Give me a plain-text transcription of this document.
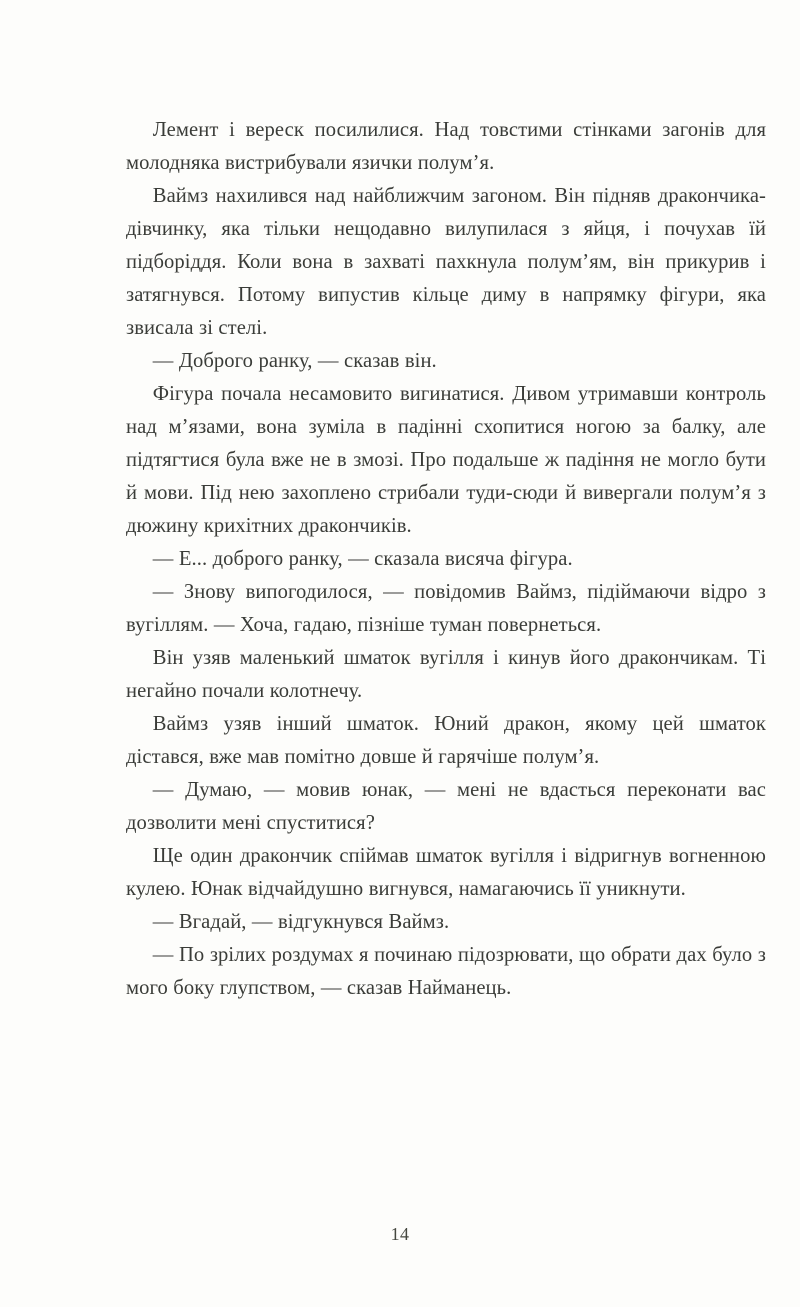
Лемент і вереск посилилися. Над товстими стінками загонів для молодняка вистрибували язички полум’я.

Ваймз нахилився над найближчим загоном. Він підняв дракончика-дівчинку, яка тільки нещодавно вилупилася з яйця, і почухав їй підборіддя. Коли вона в захваті пахкнула полум’ям, він прикурив і затягнувся. Потому випустив кільце диму в напрямку фігури, яка звисала зі стелі.

— Доброго ранку, — сказав він.

Фігура почала несамовито вигинатися. Дивом утримавши контроль над м’язами, вона зуміла в падінні схопитися ногою за балку, але підтягтися була вже не в змозі. Про подальше ж падіння не могло бути й мови. Під нею захоплено стрибали туди-сюди й вивергали полум’я з дюжину крихітних дракончиків.

— Е... доброго ранку, — сказала висяча фігура.

— Знову випогодилося, — повідомив Ваймз, підіймаючи відро з вугіллям. — Хоча, гадаю, пізніше туман повернеться.

Він узяв маленький шматок вугілля і кинув його дракончикам. Ті негайно почали колотнечу.

Ваймз узяв інший шматок. Юний дракон, якому цей шматок дістався, вже мав помітно довше й гарячіше полум’я.

— Думаю, — мовив юнак, — мені не вдасться переконати вас дозволити мені спуститися?

Ще один дракончик спіймав шматок вугілля і відригнув вогненною кулею. Юнак відчайдушно вигнувся, намагаючись її уникнути.

— Вгадай, — відгукнувся Ваймз.

— По зрілих роздумах я починаю підозрювати, що обрати дах було з мого боку глупством, — сказав Найманець.

14
